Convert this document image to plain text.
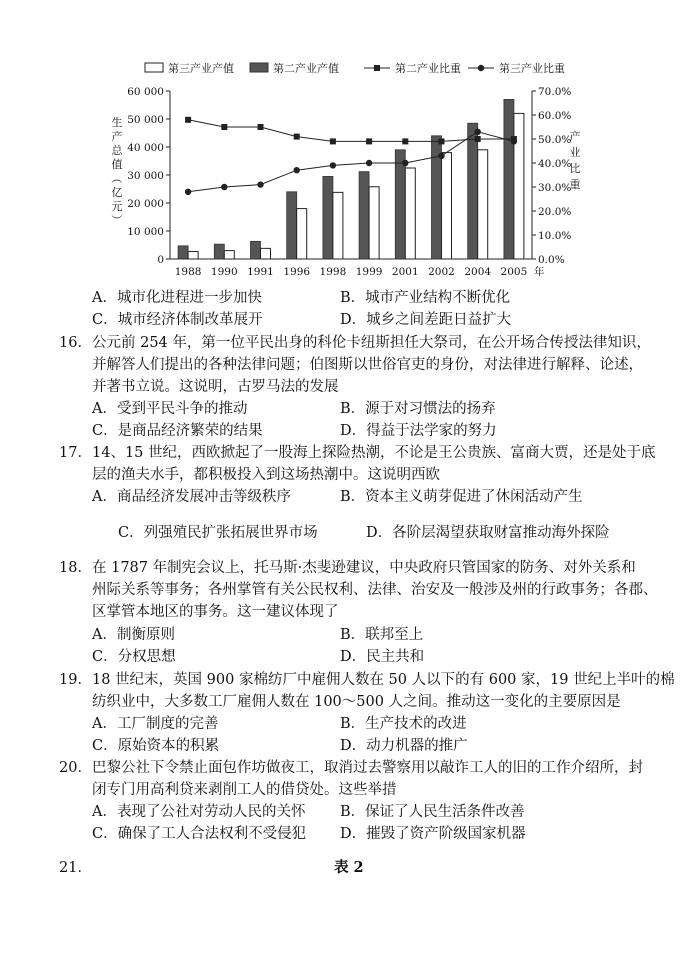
第三产业产值	第二产业产值	第二产业比重	第三产业比重
0
10 000
20 000
30 000
40 000
50 000
60 000
0.0%
10.0%
20.0%
30.0%
40.0%
50.0%
60.0%
70.0%
生
产
总
值
（
亿
元
）
产
业
比
重
1988 1990 1991 1996 1998 1999 2001 2002 2004 2005 年
A．城市化进程进一步加快	B．城市产业结构不断优化
C．城市经济体制改革展开	D．城乡之间差距日益扩大
16．公元前 254 年，第一位平民出身的科伦卡纽斯担任大祭司，在公开场合传授法律知识，
并解答人们提出的各种法律问题；伯图斯以世俗官吏的身份，对法律进行解释、论述，
并著书立说。这说明，古罗马法的发展
A．受到平民斗争的推动	B．源于对习惯法的扬弃
C．是商品经济繁荣的结果	D．得益于法学家的努力
17．14、15 世纪，西欧掀起了一股海上探险热潮，不论是王公贵族、富商大贾，还是处于底
层的渔夫水手，都积极投入到这场热潮中。这说明西欧
A．商品经济发展冲击等级秩序	B．资本主义萌芽促进了休闲活动产生
C．列强殖民扩张拓展世界市场	D．各阶层渴望获取财富推动海外探险
18．在 1787 年制宪会议上，托马斯·杰斐逊建议，中央政府只管国家的防务、对外关系和
州际关系等事务；各州掌管有关公民权利、法律、治安及一般涉及州的行政事务；各郡、
区掌管本地区的事务。这一建议体现了
A．制衡原则	B．联邦至上
C．分权思想	D．民主共和
19．18 世纪末，英国 900 家棉纺厂中雇佣人数在 50 人以下的有 600 家，19 世纪上半叶的棉
纺织业中，大多数工厂雇佣人数在 100～500 人之间。推动这一变化的主要原因是
A．工厂制度的完善	B．生产技术的改进
C．原始资本的积累	D．动力机器的推广
20．巴黎公社下令禁止面包作坊做夜工，取消过去警察用以敲诈工人的旧的工作介绍所，封
闭专门用高利贷来剥削工人的借贷处。这些举措
A．表现了公社对劳动人民的关怀 B．保证了人民生活条件改善
C．确保了工人合法权利不受侵犯 D．摧毁了资产阶级国家机器
21．	表 2
